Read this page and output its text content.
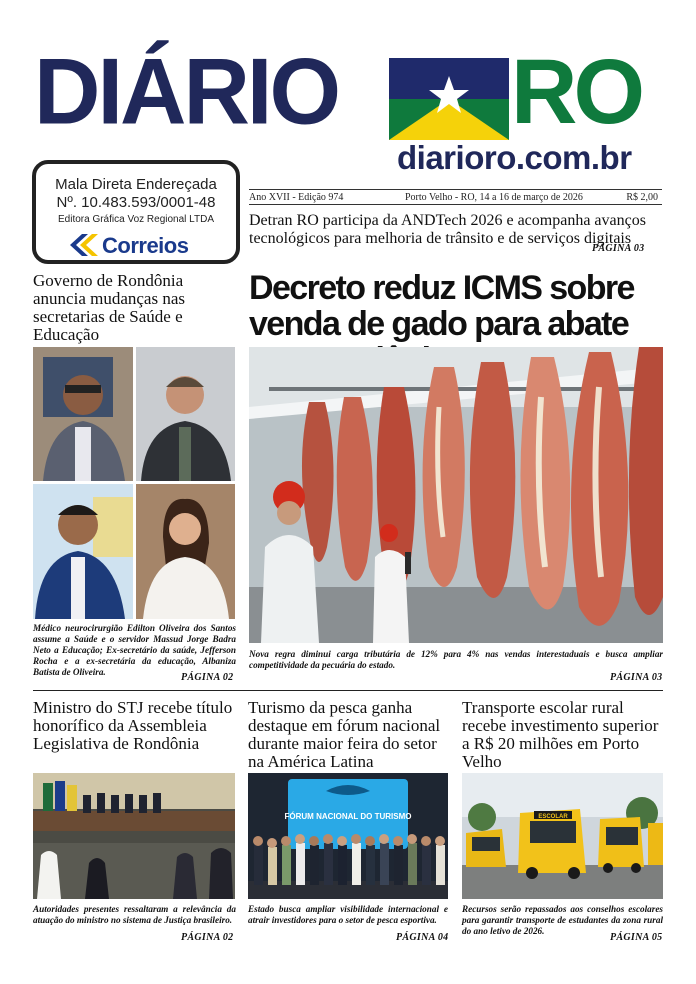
DIÁRIO RO
diarioro.com.br
Mala Direta Endereçada
Nº. 10.483.593/0001-48
Editora Gráfica Voz Regional LTDA
Correios
Ano XVII - Edição 974	Porto Velho - RO, 14 a 16 de março de 2026	R$ 2,00
Detran RO participa da ANDTech 2026 e acompanha avanços tecnológicos para melhoria de trânsito e de serviços digitais
PÁGINA 03
Governo de Rondônia anuncia mudanças nas secretarias de Saúde e Educação
Médico neurocirurgião Edilton Oliveira dos Santos assume a Saúde e o servidor Massud Jorge Badra Neto a Educação; Ex-secretário da saúde, Jefferson Rocha e a ex-secretária da educação, Albaniza Batista de Oliveira.	PÁGINA 02
Decreto reduz ICMS sobre venda de gado para abate
Nova regra diminui carga tributária de 12% para 4% nas vendas interestaduais e busca ampliar competitividade da pecuária do estado.
PÁGINA 03
Ministro do STJ recebe título honorífico da Assembleia Legislativa de Rondônia
Autoridades presentes ressaltaram a relevância da atuação do ministro no sistema de Justiça brasileiro.
PÁGINA 02
Turismo da pesca ganha destaque em fórum nacional durante maior feira do setor na América Latina
FÓRUM NACIONAL DO TURISMO
Estado busca ampliar visibilidade internacional e atrair investidores para o setor de pesca esportiva.
PÁGINA 04
Transporte escolar rural recebe investimento superior a R$ 20 milhões em Porto Velho
ESCOLAR
Recursos serão repassados aos conselhos escolares para garantir transporte de estudantes da zona rural do ano letivo de 2026.
PÁGINA 05
